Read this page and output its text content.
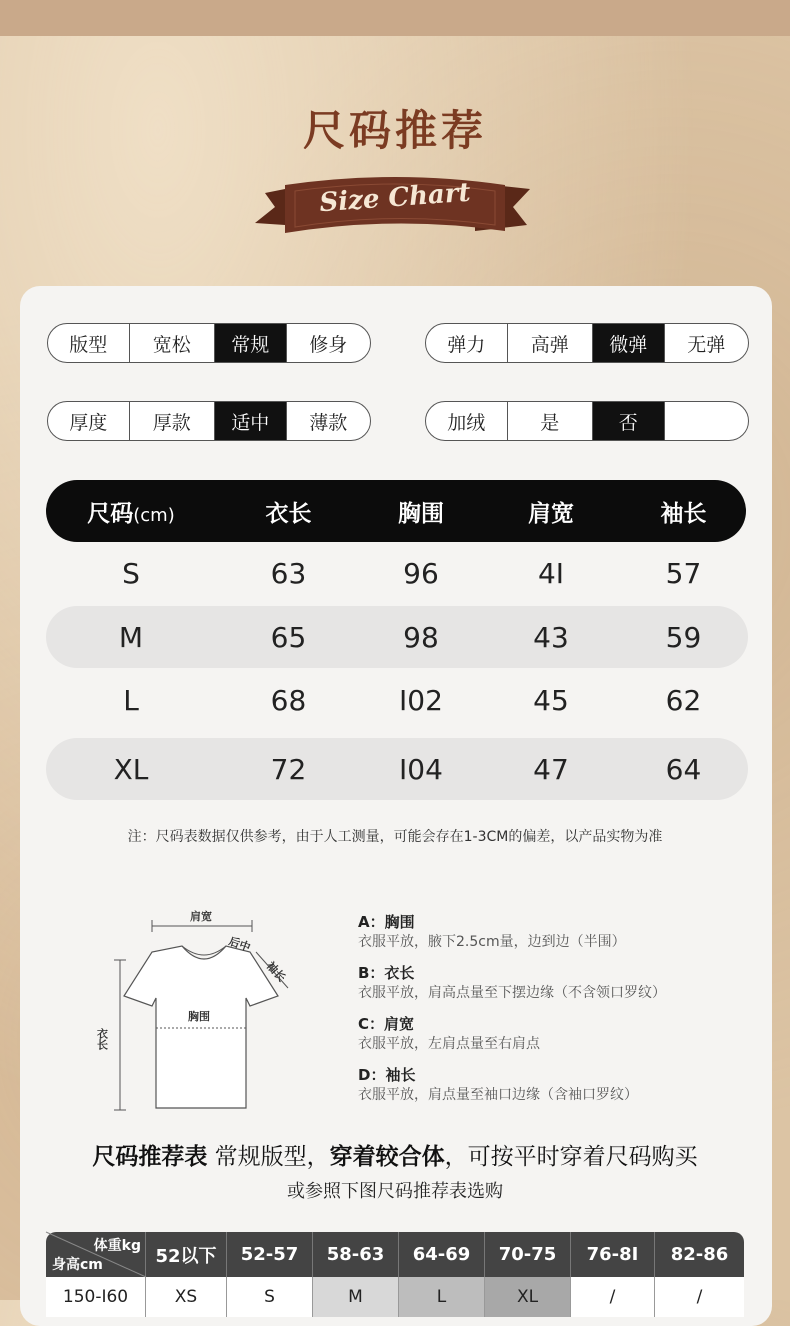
尺码推荐
Size Chart
版型	宽松	常规	修身	弹力	高弹	微弹	无弹
厚度	厚款	适中	薄款	加绒	是	否
尺码(cm)	衣长	胸围	肩宽	袖长
S	63	96	4I	57
M	65	98	43	59
L	68	I02	45	62
XL	72	I04	47	64
注：尺码表数据仅供参考，由于人工测量，可能会存在1-3CM的偏差，以产品实物为准
肩宽
胸围
衣长
后中
袖长
A：胸围
衣服平放，腋下2.5cm量，边到边（半围）
B：衣长
衣服平放，肩高点量至下摆边缘（不含领口罗纹）
C：肩宽
衣服平放，左肩点量至右肩点
D：袖长
衣服平放，肩点量至袖口边缘（含袖口罗纹）
尺码推荐表 常规版型，穿着较合体，可按平时穿着尺码购买
或参照下图尺码推荐表选购
体重kg
身高cm	52以下	52-57	58-63	64-69	70-75	76-8I	82-86
150-I60	XS	S	M	L	XL	/	/
